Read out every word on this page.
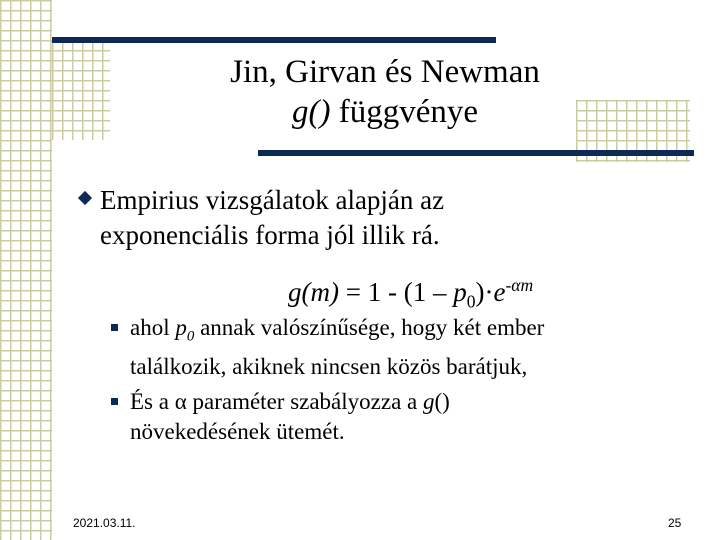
Jin, Girvan és Newman
g() függvénye
Empirius vizsgálatok alapján az
exponenciális forma jól illik rá.
$g(m) = 1 - (1 - p_0)\cdot e^{-\alpha m}$
ahol $p_0$ annak valószínűsége, hogy két ember
találkozik, akiknek nincsen közös barátjuk,
És a α paraméter szabályozza a g()
növekedésének ütemét.
2021.03.11.	25
